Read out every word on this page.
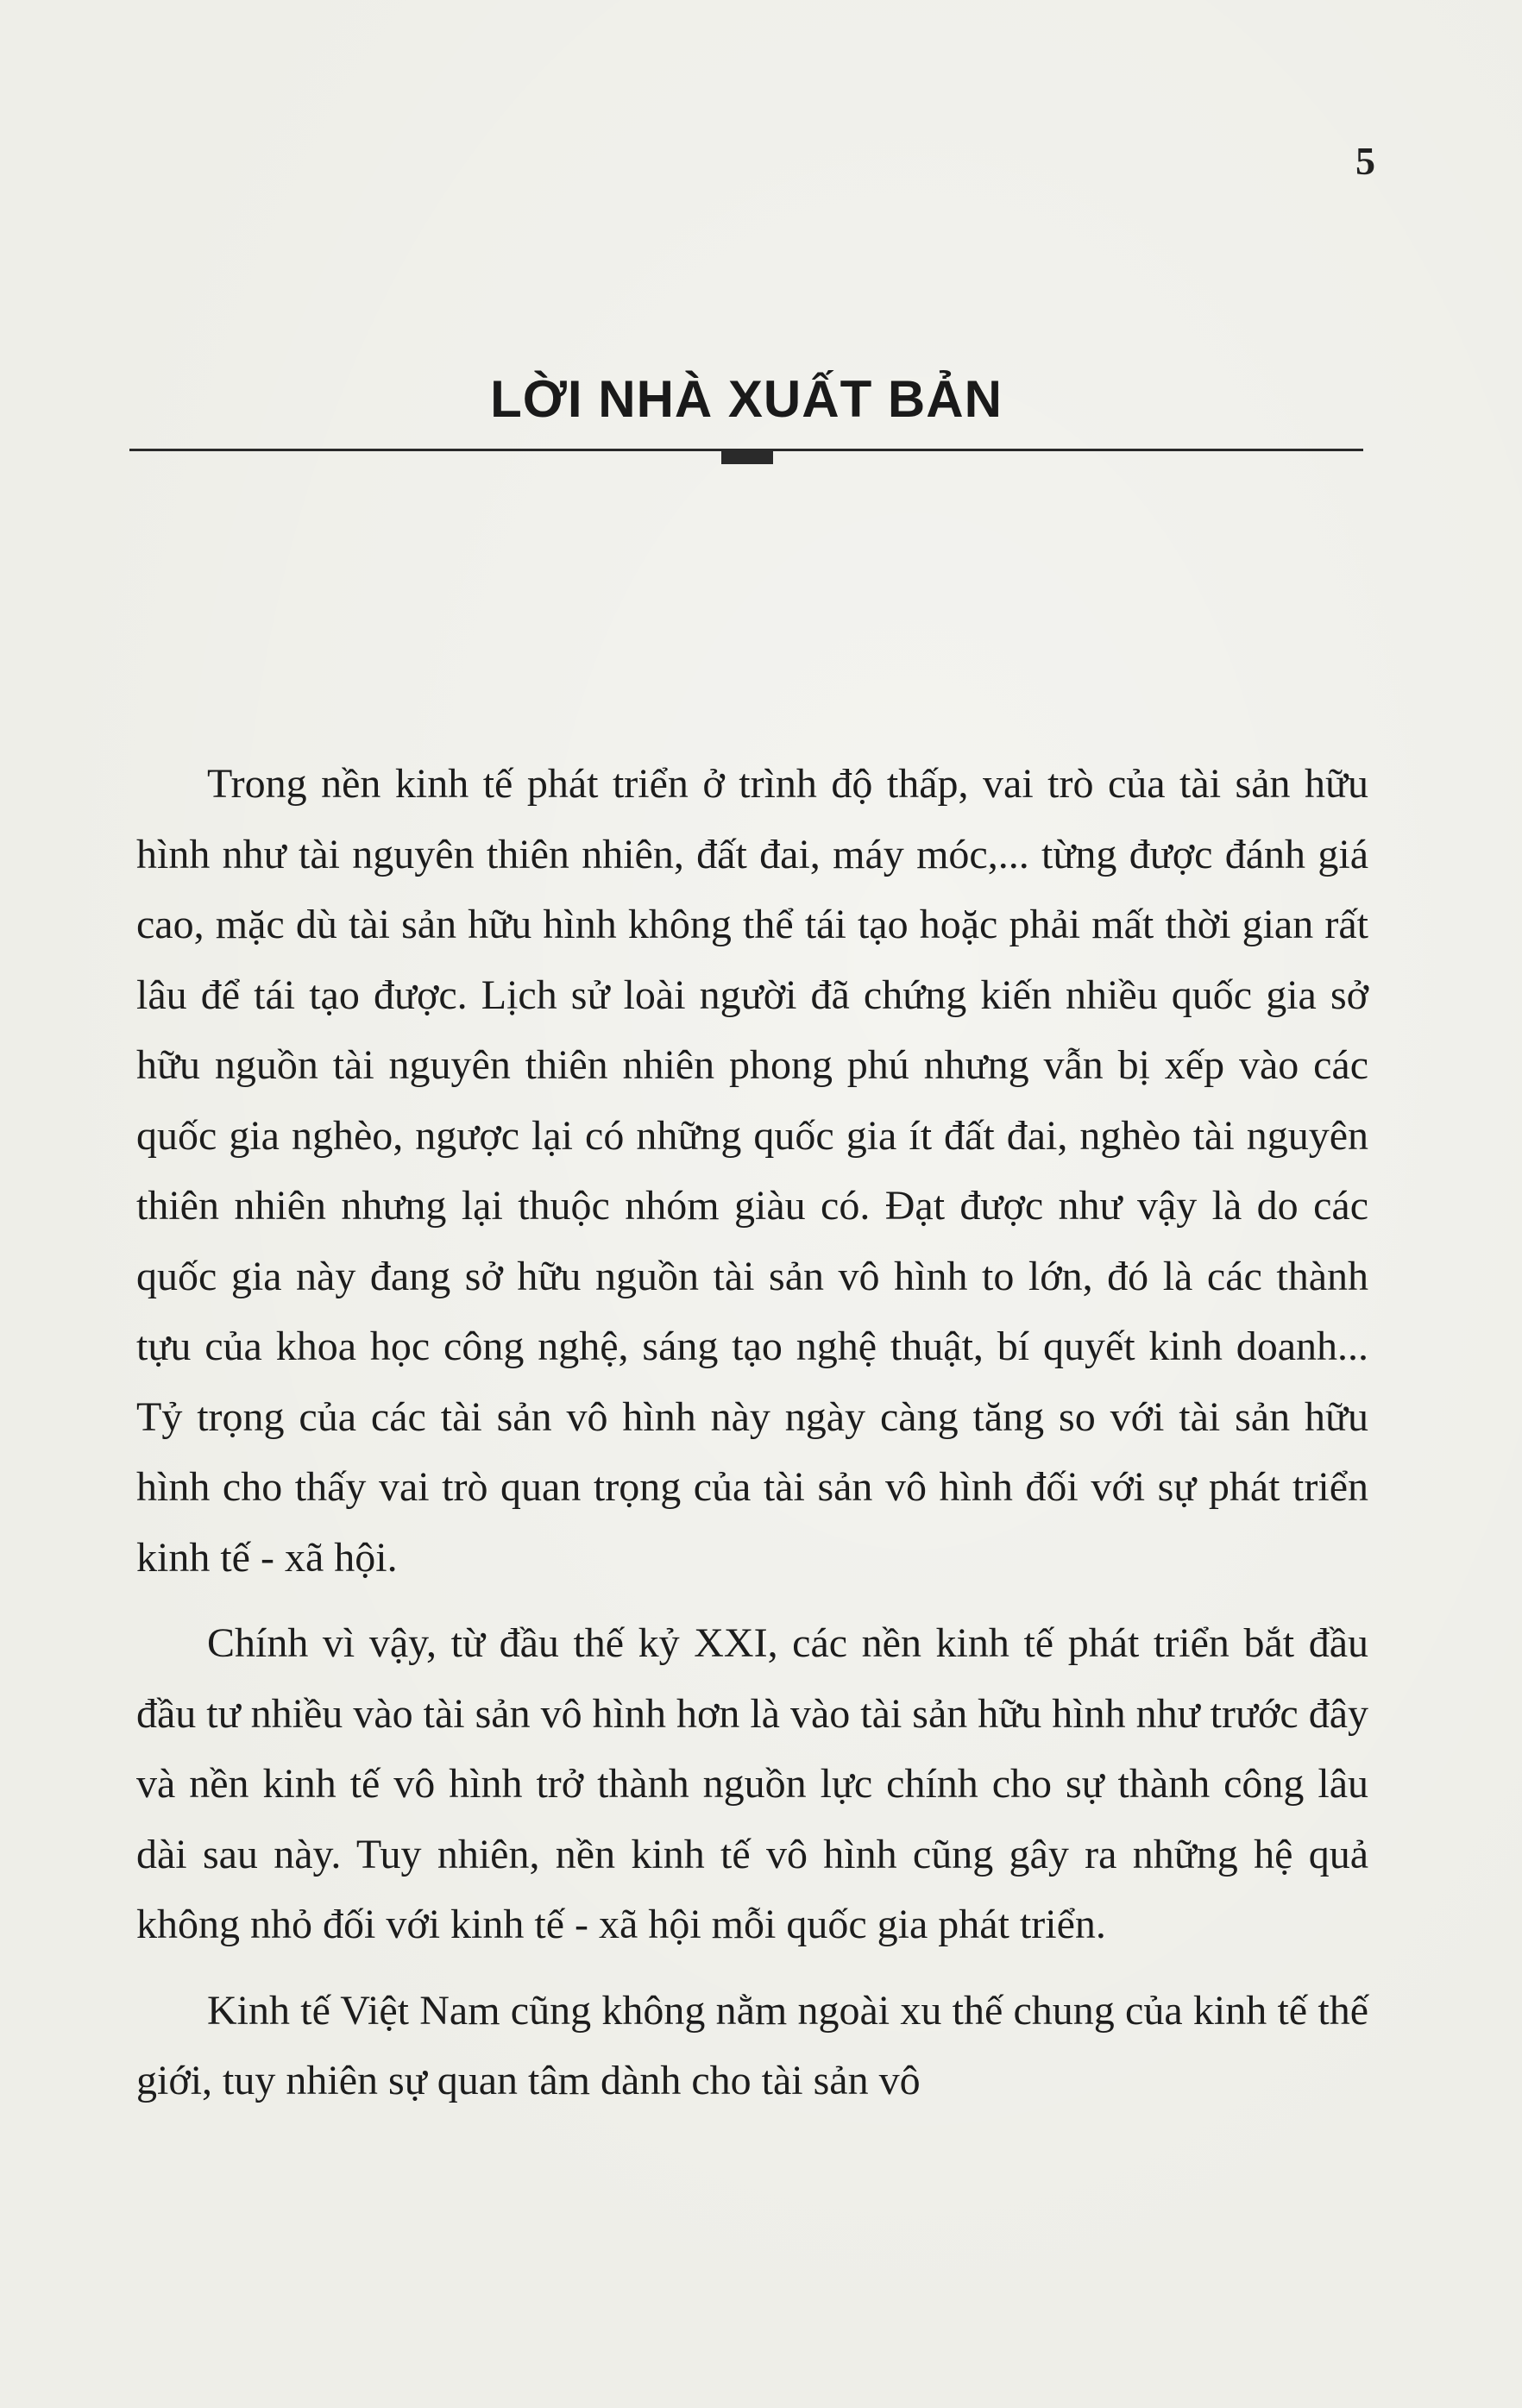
5
LỜI NHÀ XUẤT BẢN

Trong nền kinh tế phát triển ở trình độ thấp, vai trò của tài sản hữu hình như tài nguyên thiên nhiên, đất đai, máy móc,... từng được đánh giá cao, mặc dù tài sản hữu hình không thể tái tạo hoặc phải mất thời gian rất lâu để tái tạo được. Lịch sử loài người đã chứng kiến nhiều quốc gia sở hữu nguồn tài nguyên thiên nhiên phong phú nhưng vẫn bị xếp vào các quốc gia nghèo, ngược lại có những quốc gia ít đất đai, nghèo tài nguyên thiên nhiên nhưng lại thuộc nhóm giàu có. Đạt được như vậy là do các quốc gia này đang sở hữu nguồn tài sản vô hình to lớn, đó là các thành tựu của khoa học công nghệ, sáng tạo nghệ thuật, bí quyết kinh doanh... Tỷ trọng của các tài sản vô hình này ngày càng tăng so với tài sản hữu hình cho thấy vai trò quan trọng của tài sản vô hình đối với sự phát triển kinh tế - xã hội.

Chính vì vậy, từ đầu thế kỷ XXI, các nền kinh tế phát triển bắt đầu đầu tư nhiều vào tài sản vô hình hơn là vào tài sản hữu hình như trước đây và nền kinh tế vô hình trở thành nguồn lực chính cho sự thành công lâu dài sau này. Tuy nhiên, nền kinh tế vô hình cũng gây ra những hệ quả không nhỏ đối với kinh tế - xã hội mỗi quốc gia phát triển.

Kinh tế Việt Nam cũng không nằm ngoài xu thế chung của kinh tế thế giới, tuy nhiên sự quan tâm dành cho tài sản vô
